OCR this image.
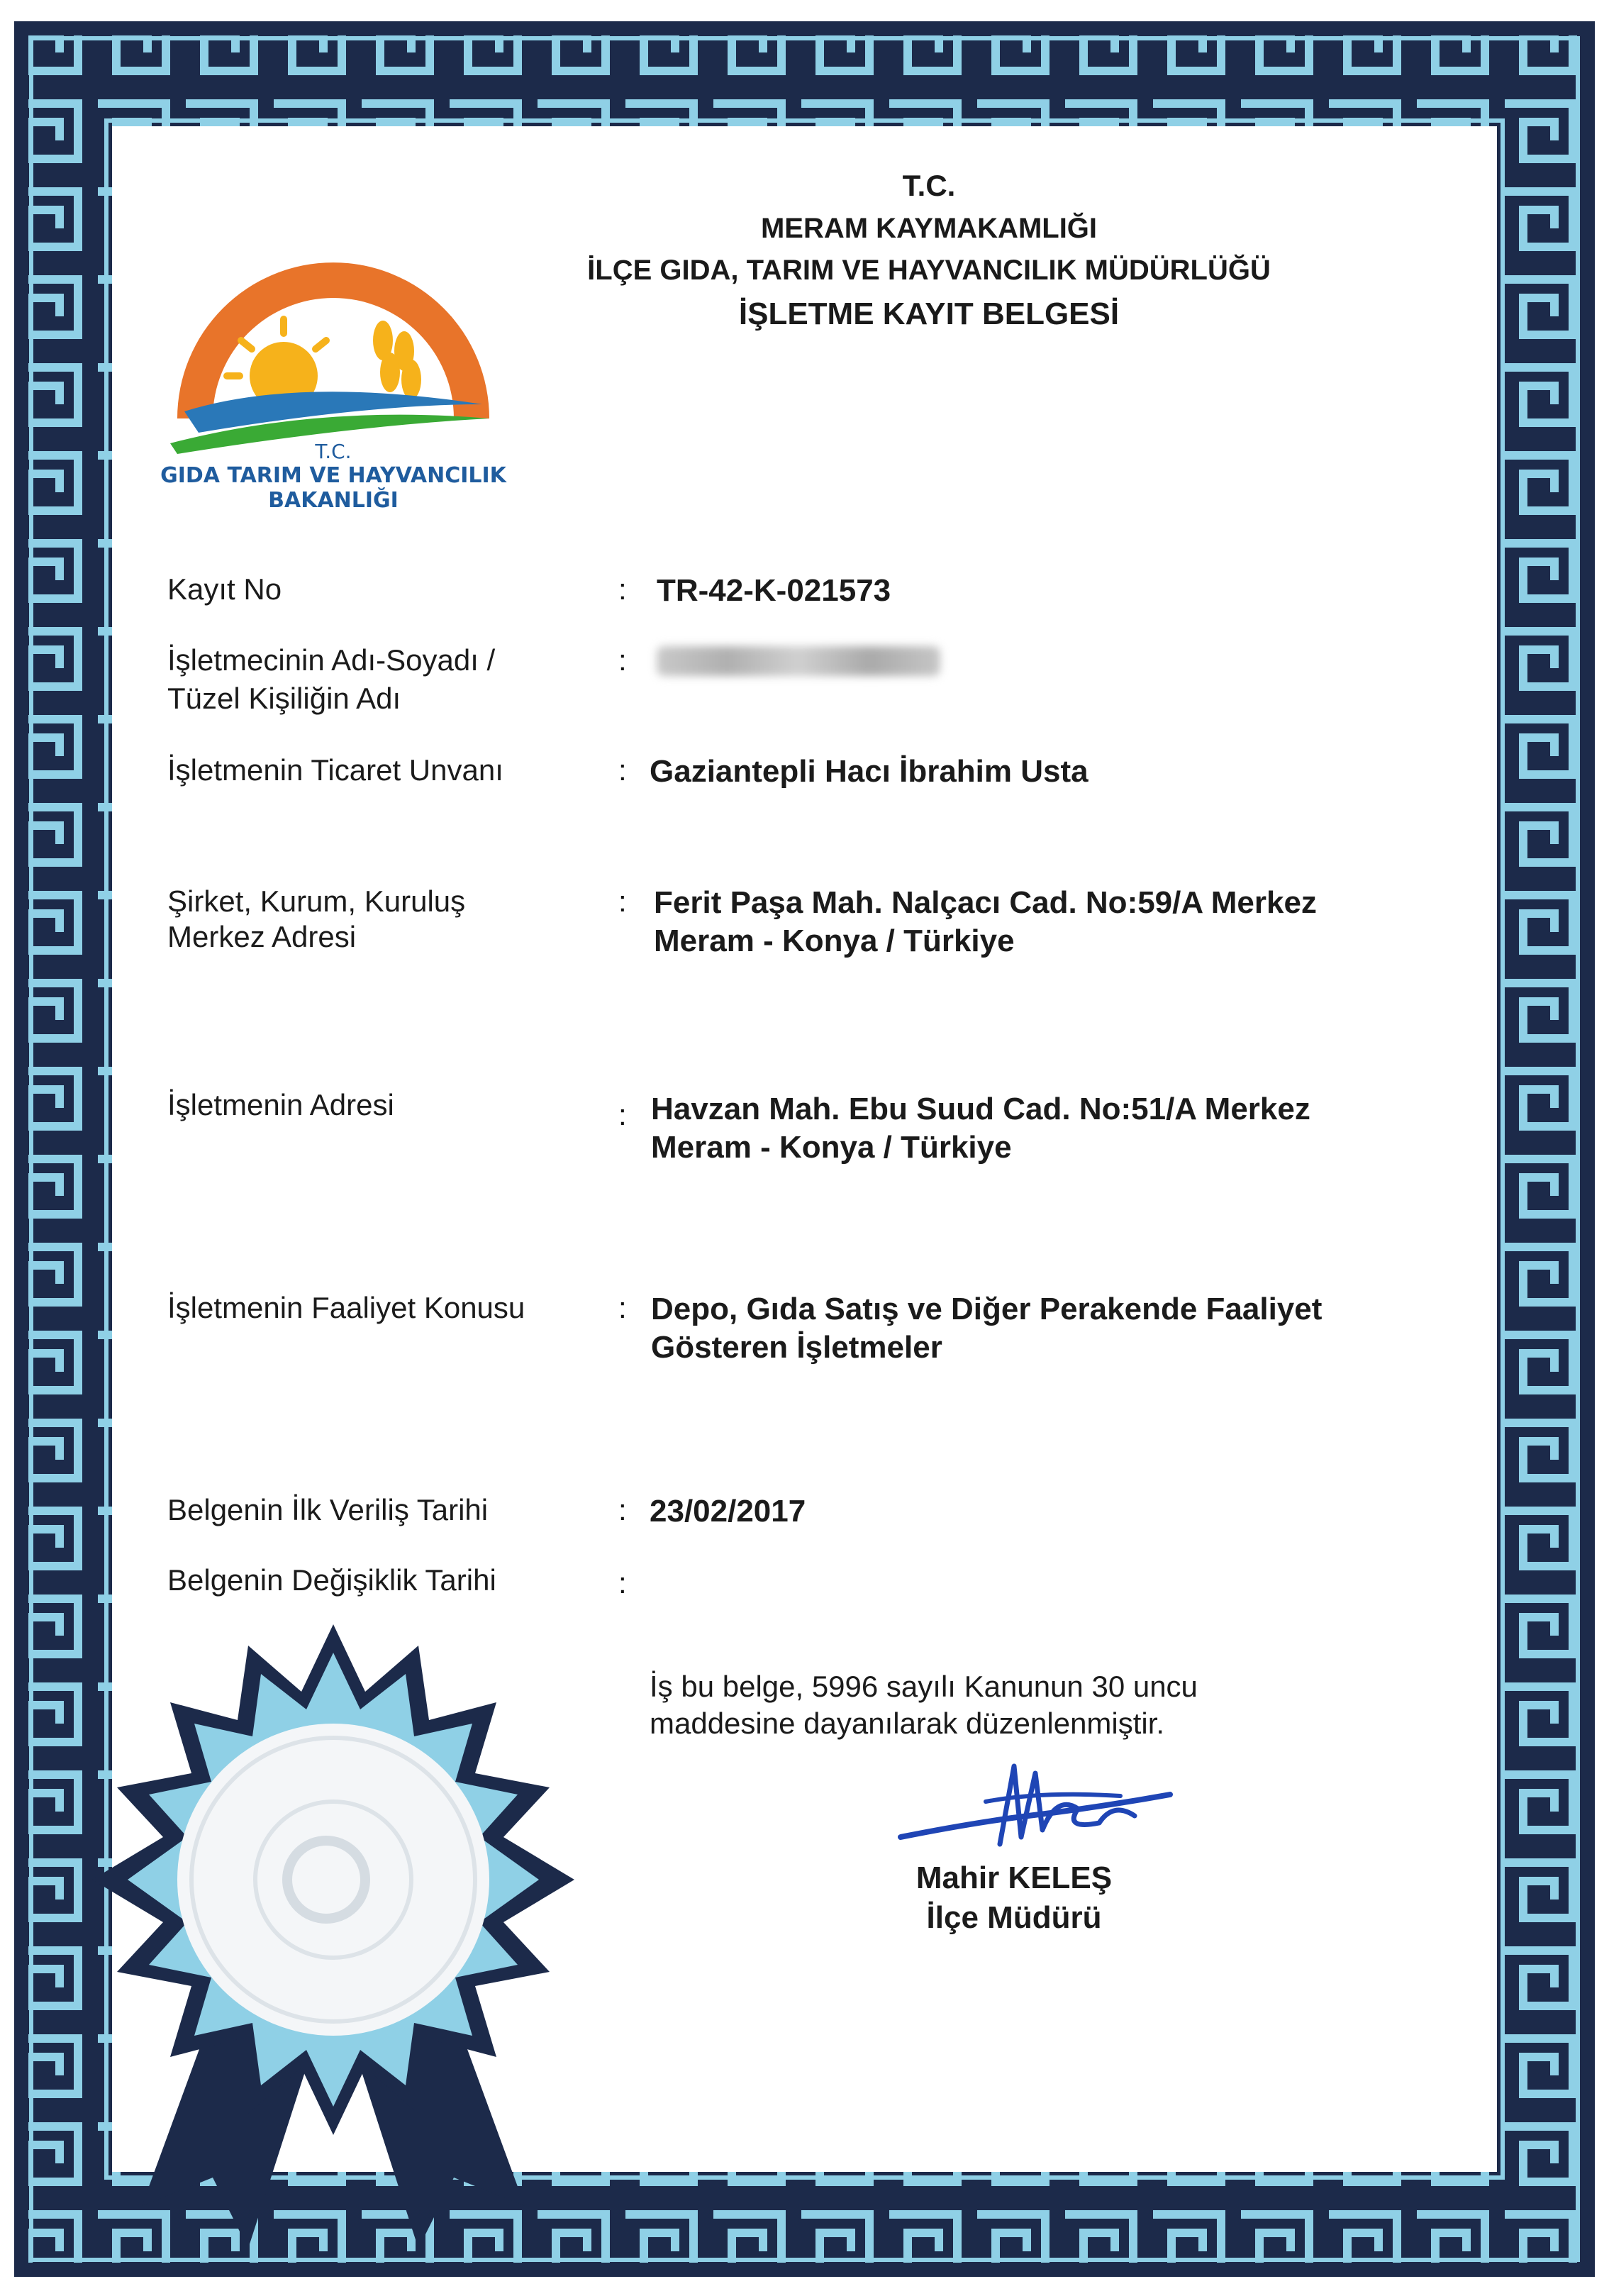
T.C.
GIDA TARIM VE HAYVANCILIK
BAKANLIĞI
T.C.
MERAM KAYMAKAMLIĞI
İLÇE GIDA, TARIM VE HAYVANCILIK MÜDÜRLÜĞÜ
İŞLETME KAYIT BELGESİ
Kayıt No	: TR-42-K-021573
İşletmecinin Adı-Soyadı /
Tüzel Kişiliğin Adı
:
İşletmenin Ticaret Unvanı	: Gaziantepli Hacı İbrahim Usta
Şirket, Kurum, Kuruluş
Merkez Adresi
: Ferit Paşa Mah. Nalçacı Cad. No:59/A Merkez
Meram - Konya / Türkiye
İşletmenin Adresi	: Havzan Mah. Ebu Suud Cad. No:51/A Merkez
Meram - Konya / Türkiye
İşletmenin Faaliyet Konusu	: Depo, Gıda Satış ve Diğer Perakende Faaliyet
Gösteren İşletmeler
Belgenin İlk Veriliş Tarihi	: 23/02/2017
Belgenin Değişiklik Tarihi	:
İş bu belge, 5996 sayılı Kanunun 30 uncu
maddesine dayanılarak düzenlenmiştir.
Mahir KELEŞ
İlçe Müdürü
